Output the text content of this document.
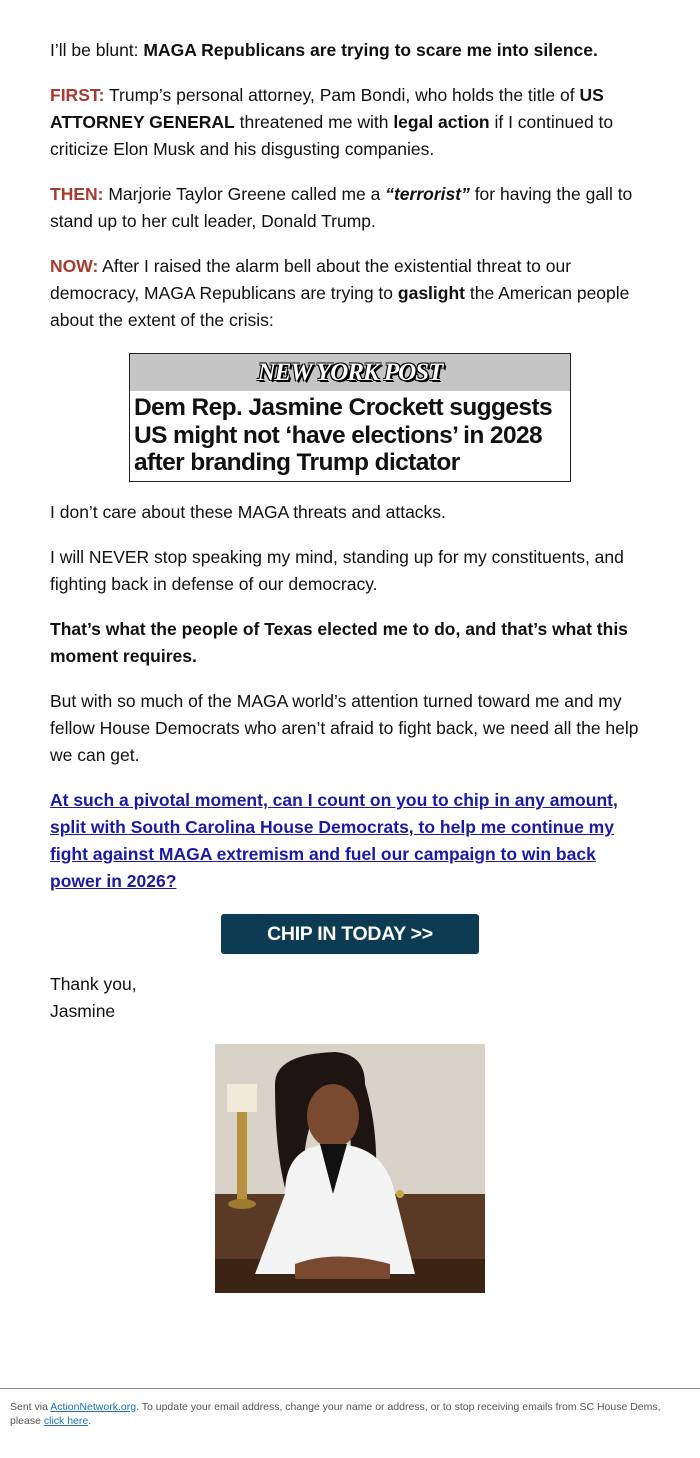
I’ll be blunt: MAGA Republicans are trying to scare me into silence.

FIRST: Trump’s personal attorney, Pam Bondi, who holds the title of US ATTORNEY GENERAL threatened me with legal action if I continued to criticize Elon Musk and his disgusting companies.

THEN: Marjorie Taylor Greene called me a “terrorist” for having the gall to stand up to her cult leader, Donald Trump.

NOW: After I raised the alarm bell about the existential threat to our democracy, MAGA Republicans are trying to gaslight the American people about the extent of the crisis:

I don’t care about these MAGA threats and attacks.

I will NEVER stop speaking my mind, standing up for my constituents, and fighting back in defense of our democracy.

That’s what the people of Texas elected me to do, and that’s what this moment requires.

But with so much of the MAGA world’s attention turned toward me and my fellow House Democrats who aren’t afraid to fight back, we need all the help we can get.

At such a pivotal moment, can I count on you to chip in any amount, split with South Carolina House Democrats, to help me continue my fight against MAGA extremism and fuel our campaign to win back power in 2026?

Thank you,
Jasmine

NEW YORK POST
Dem Rep. Jasmine Crockett suggests US might not ‘have elections’ in 2028 after branding Trump dictator
CHIP IN TODAY >>
Sent via ActionNetwork.org. To update your email address, change your name or address, or to stop receiving emails from SC House Dems, please click here.
